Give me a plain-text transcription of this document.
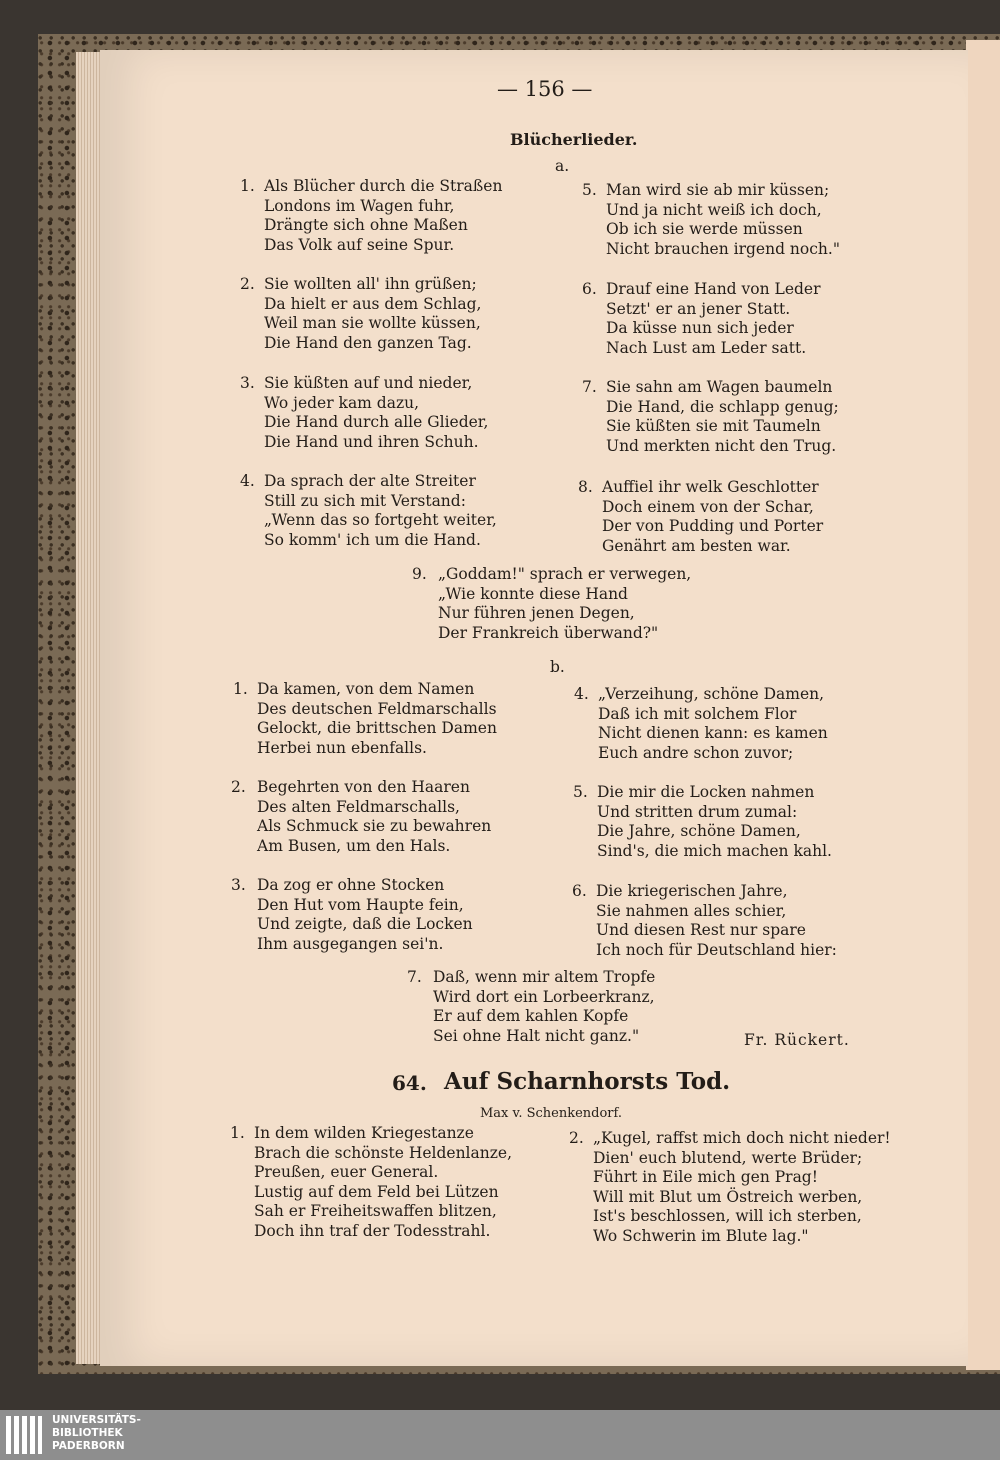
— 156 —
Blücherlieder.
a.
1. Als Blücher durch die Straßen
Londons im Wagen fuhr,
Drängte sich ohne Maßen
Das Volk auf seine Spur.
2. Sie wollten all' ihn grüßen;
Da hielt er aus dem Schlag,
Weil man sie wollte küssen,
Die Hand den ganzen Tag.
3. Sie küßten auf und nieder,
Wo jeder kam dazu,
Die Hand durch alle Glieder,
Die Hand und ihren Schuh.
4. Da sprach der alte Streiter
Still zu sich mit Verstand:
„Wenn das so fortgeht weiter,
So komm' ich um die Hand.
5. Man wird sie ab mir küssen;
Und ja nicht weiß ich doch,
Ob ich sie werde müssen
Nicht brauchen irgend noch."
6. Drauf eine Hand von Leder
Setzt' er an jener Statt.
Da küsse nun sich jeder
Nach Lust am Leder satt.
7. Sie sahn am Wagen baumeln
Die Hand, die schlapp genug;
Sie küßten sie mit Taumeln
Und merkten nicht den Trug.
8. Auffiel ihr welk Geschlotter
Doch einem von der Schar,
Der von Pudding und Porter
Genährt am besten war.
9. „Goddam!" sprach er verwegen,
„Wie konnte diese Hand
Nur führen jenen Degen,
Der Frankreich überwand?"
b.
1. Da kamen, von dem Namen
Des deutschen Feldmarschalls
Gelockt, die brittschen Damen
Herbei nun ebenfalls.
2. Begehrten von den Haaren
Des alten Feldmarschalls,
Als Schmuck sie zu bewahren
Am Busen, um den Hals.
3. Da zog er ohne Stocken
Den Hut vom Haupte fein,
Und zeigte, daß die Locken
Ihm ausgegangen sei'n.
4. „Verzeihung, schöne Damen,
Daß ich mit solchem Flor
Nicht dienen kann: es kamen
Euch andre schon zuvor;
5. Die mir die Locken nahmen
Und stritten drum zumal:
Die Jahre, schöne Damen,
Sind's, die mich machen kahl.
6. Die kriegerischen Jahre,
Sie nahmen alles schier,
Und diesen Rest nur spare
Ich noch für Deutschland hier:
7. Daß, wenn mir altem Tropfe
Wird dort ein Lorbeerkranz,
Er auf dem kahlen Kopfe
Sei ohne Halt nicht ganz."	Fr. Rückert.
64. Auf Scharnhorsts Tod.
Max v. Schenkendorf.
1. In dem wilden Kriegestanze
Brach die schönste Heldenlanze,
Preußen, euer General.
Lustig auf dem Feld bei Lützen
Sah er Freiheitswaffen blitzen,
Doch ihn traf der Todesstrahl.
2. „Kugel, raffst mich doch nicht nieder!
Dien' euch blutend, werte Brüder;
Führt in Eile mich gen Prag!
Will mit Blut um Östreich werben,
Ist's beschlossen, will ich sterben,
Wo Schwerin im Blute lag."
UNIVERSITÄTS-
BIBLIOTHEK
PADERBORN
